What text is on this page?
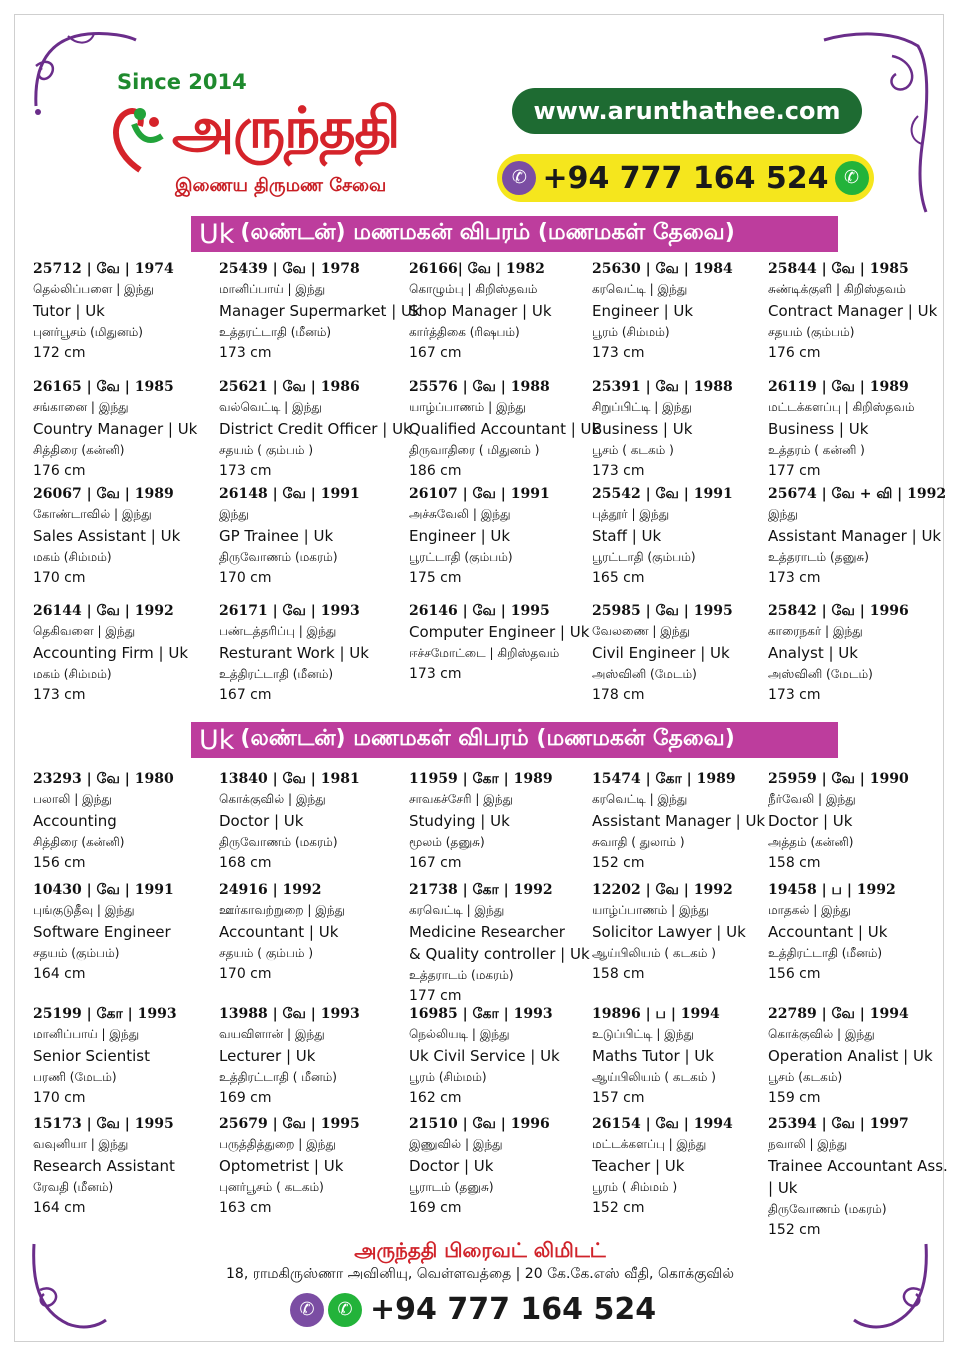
Since 2014
அருந்ததி
இணைய திருமண சேவை
www.arunthathee.com
✆ +94 777 164 524 ✆
Uk (லண்டன்) மணமகன் விபரம் (மணமகள் தேவை)
25712 | வே | 1974
தெல்லிப்பளை | இந்து
Tutor | Uk
புனர்பூசம் (மிதுனம்)
172 cm
25439 | வே | 1978
மானிப்பாய் | இந்து
Manager Supermarket | Uk
உத்தரட்டாதி (மீனம்)
173 cm
26166| வே | 1982
கொழும்பு | கிறிஸ்தவம்
Shop Manager | Uk
கார்த்திகை (ரிஷபம்)
167 cm
25630 | வே | 1984
கரவெட்டி | இந்து
Engineer | Uk
பூரம் (சிம்மம்)
173 cm
25844 | வே | 1985
சுண்டிக்குளி | கிறிஸ்தவம்
Contract Manager | Uk
சதயம் (கும்பம்)
176 cm
26165 | வே | 1985
சங்கானை | இந்து
Country Manager | Uk
சித்திரை (கன்னி)
176 cm
25621 | வே | 1986
வல்வெட்டி | இந்து
District Credit Officer | Uk
சதயம் ( கும்பம் )
173 cm
25576 | வே | 1988
யாழ்ப்பாணம் | இந்து
Qualified Accountant | Uk
திருவாதிரை ( மிதுனம் )
186 cm
25391 | வே | 1988
சிறுப்பிட்டி | இந்து
Business | Uk
பூசம் ( கடகம் )
173 cm
26119 | வே | 1989
மட்டக்களப்பு | கிறிஸ்தவம்
Business | Uk
உத்தரம் ( கன்னி )
177 cm
26067 | வே | 1989
கோண்டாவில் | இந்து
Sales Assistant | Uk
மகம் (சிம்மம்)
170 cm
26148 | வே | 1991
இந்து
GP Trainee | Uk
திருவோணம் (மகரம்)
170 cm
26107 | வே | 1991
அச்சுவேலி | இந்து
Engineer | Uk
பூரட்டாதி (கும்பம்)
175 cm
25542 | வே | 1991
புத்தூர் | இந்து
Staff | Uk
பூரட்டாதி (கும்பம்)
165 cm
25674 | வே + வி | 1992
இந்து
Assistant Manager | Uk
உத்தராடம் (தனுசு)
173 cm
26144 | வே | 1992
தெகிவளை | இந்து
Accounting Firm | Uk
மகம் (சிம்மம்)
173 cm
26171 | வே | 1993
பண்டத்தரிப்பு | இந்து
Resturant Work | Uk
உத்திரட்டாதி (மீனம்)
167 cm
26146 | வே | 1995
Computer Engineer | Uk
ஈச்சமோட்டை | கிறிஸ்தவம்
173 cm
25985 | வே | 1995
வேலணை | இந்து
Civil Engineer | Uk
அஸ்வினி (மேடம்)
178 cm
25842 | வே | 1996
காரைநகர் | இந்து
Analyst | Uk
அஸ்வினி (மேடம்)
173 cm
Uk (லண்டன்) மணமகள் விபரம் (மணமகன் தேவை)
23293 | வே | 1980
பலாலி | இந்து
Accounting
சித்திரை (கன்னி)
156 cm
13840 | வே | 1981
கொக்குவில் | இந்து
Doctor | Uk
திருவோணம் (மகரம்)
168 cm
11959 | கோ | 1989
சாவகச்சேரி | இந்து
Studying | Uk
மூலம் (தனுசு)
167 cm
15474 | கோ | 1989
கரவெட்டி | இந்து
Assistant Manager | Uk
சுவாதி ( துலாம் )
152 cm
25959 | வே | 1990
நீர்வேலி | இந்து
Doctor | Uk
அத்தம் (கன்னி)
158 cm
10430 | வே | 1991
புங்குடுதீவு | இந்து
Software Engineer
சதயம் (கும்பம்)
164 cm
24916 | 1992
ஊர்காவற்றுறை | இந்து
Accountant | Uk
சதயம் ( கும்பம் )
170 cm
21738 | கோ | 1992
கரவெட்டி | இந்து
Medicine Researcher
& Quality controller | Uk
உத்தராடம் (மகரம்)
177 cm
12202 | வே | 1992
யாழ்ப்பாணம் | இந்து
Solicitor Lawyer | Uk
ஆய்பிலியம் ( கடகம் )
158 cm
19458 | ப | 1992
மாதகல் | இந்து
Accountant | Uk
உத்திரட்டாதி (மீனம்)
156 cm
25199 | கோ | 1993
மானிப்பாய் | இந்து
Senior Scientist
பரணி (மேடம்)
170 cm
13988 | வே | 1993
வயவிளான் | இந்து
Lecturer | Uk
உத்திரட்டாதி ( மீனம்)
169 cm
16985 | கோ | 1993
நெல்லியடி | இந்து
Uk Civil Service | Uk
பூரம் (சிம்மம்)
162 cm
19896 | ப | 1994
உடுப்பிட்டி | இந்து
Maths Tutor | Uk
ஆய்பிலியம் ( கடகம் )
157 cm
22789 | வே | 1994
கொக்குவில் | இந்து
Operation Analist | Uk
பூசம் (கடகம்)
159 cm
15173 | வே | 1995
வவுனியா | இந்து
Research Assistant
ரேவதி (மீனம்)
164 cm
25679 | வே | 1995
பருத்தித்துறை | இந்து
Optometrist | Uk
புனர்பூசம் ( கடகம்)
163 cm
21510 | வே | 1996
இணுவில் | இந்து
Doctor | Uk
பூராடம் (தனுசு)
169 cm
26154 | வே | 1994
மட்டக்களப்பு | இந்து
Teacher | Uk
பூரம் ( சிம்மம் )
152 cm
25394 | வே | 1997
நவாலி | இந்து
Trainee Accountant Ass.
| Uk
திருவோணம் (மகரம்)
152 cm
அருந்ததி பிரைவட் லிமிடட்
18, ராமகிருஸ்ணா அவினியு, வெள்ளவத்தை | 20 கே.கே.எஸ் வீதி, கொக்குவில்
✆	✆ +94 777 164 524
